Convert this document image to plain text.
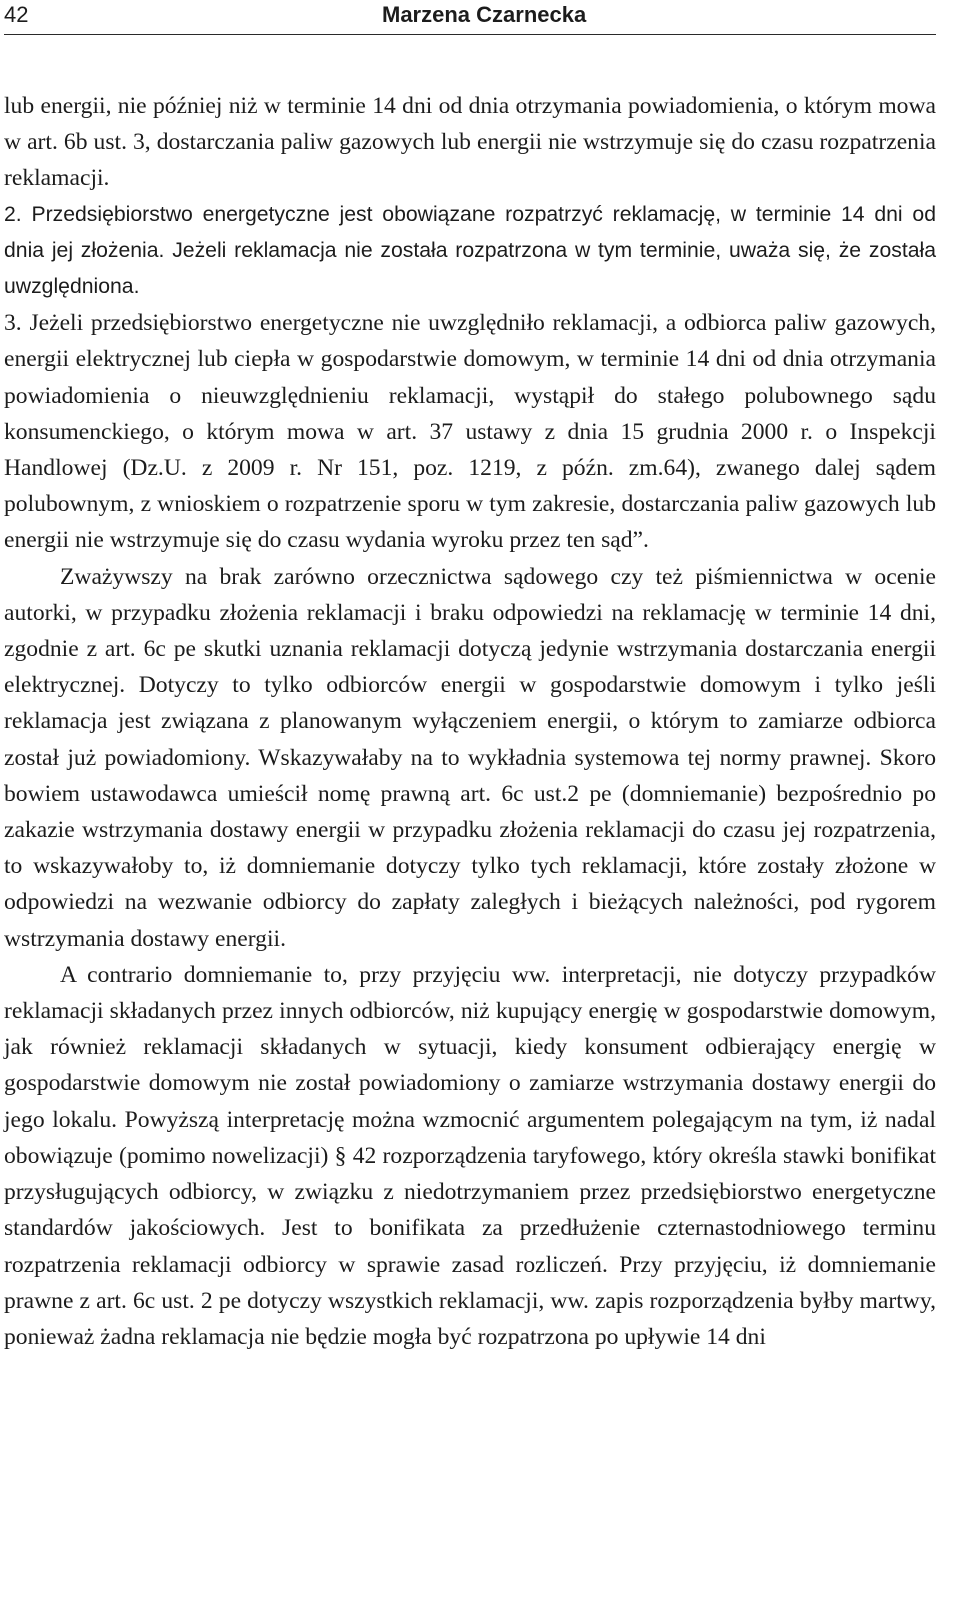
42	Marzena Czarnecka

lub energii, nie później niż w terminie 14 dni od dnia otrzymania powiadomienia, o którym mowa w art. 6b ust. 3, dostarczania paliw gazowych lub energii nie wstrzymuje się do czasu rozpatrzenia reklamacji.

2. Przedsiębiorstwo energetyczne jest obowiązane rozpatrzyć reklamację, w terminie 14 dni od dnia jej złożenia. Jeżeli reklamacja nie została rozpatrzona w tym terminie, uważa się, że została uwzględniona.

3. Jeżeli przedsiębiorstwo energetyczne nie uwzględniło reklamacji, a odbiorca paliw gazowych, energii elektrycznej lub ciepła w gospodarstwie domowym, w terminie 14 dni od dnia otrzymania powiadomienia o nieuwzględnieniu reklamacji, wystąpił do stałego polubownego sądu konsumenckiego, o którym mowa w art. 37 ustawy z dnia 15 grudnia 2000 r. o Inspekcji Handlowej (Dz.U. z 2009 r. Nr 151, poz. 1219, z późn. zm.64), zwanego dalej sądem polubownym, z wnioskiem o rozpatrzenie sporu w tym zakresie, dostarczania paliw gazowych lub energii nie wstrzymuje się do czasu wydania wyroku przez ten sąd”.

Zważywszy na brak zarówno orzecznictwa sądowego czy też piśmiennictwa w ocenie autorki, w przypadku złożenia reklamacji i braku odpowiedzi na reklamację w terminie 14 dni, zgodnie z art. 6c pe skutki uznania reklamacji dotyczą jedynie wstrzymania dostarczania energii elektrycznej. Dotyczy to tylko odbiorców energii w gospodarstwie domowym i tylko jeśli reklamacja jest związana z planowanym wyłączeniem energii, o którym to zamiarze odbiorca został już powiadomiony. Wskazywałaby na to wykładnia systemowa tej normy prawnej. Skoro bowiem ustawodawca umieścił nomę prawną art. 6c ust.2 pe (domniemanie) bezpośrednio po zakazie wstrzymania dostawy energii w przypadku złożenia reklamacji do czasu jej rozpatrzenia, to wskazywałoby to, iż domniemanie dotyczy tylko tych reklamacji, które zostały złożone w odpowiedzi na wezwanie odbiorcy do zapłaty zaległych i bieżących należności, pod rygorem wstrzymania dostawy energii.

A contrario domniemanie to, przy przyjęciu ww. interpretacji, nie dotyczy przypadków reklamacji składanych przez innych odbiorców, niż kupujący energię w gospodarstwie domowym, jak również reklamacji składanych w sytuacji, kiedy konsument odbierający energię w gospodarstwie domowym nie został powiadomiony o zamiarze wstrzymania dostawy energii do jego lokalu. Powyższą interpretację można wzmocnić argumentem polegającym na tym, iż nadal obowiązuje (pomimo nowelizacji) § 42 rozporządzenia taryfowego, który określa stawki bonifikat przysługujących odbiorcy, w związku z niedotrzymaniem przez przedsiębiorstwo energetyczne standardów jakościowych. Jest to bonifikata za przedłużenie czternastodniowego terminu rozpatrzenia reklamacji odbiorcy w sprawie zasad rozliczeń. Przy przyjęciu, iż domniemanie prawne z art. 6c ust. 2 pe dotyczy wszystkich reklamacji, ww. zapis rozporządzenia byłby martwy, ponieważ żadna reklamacja nie będzie mogła być rozpatrzona po upływie 14 dni
